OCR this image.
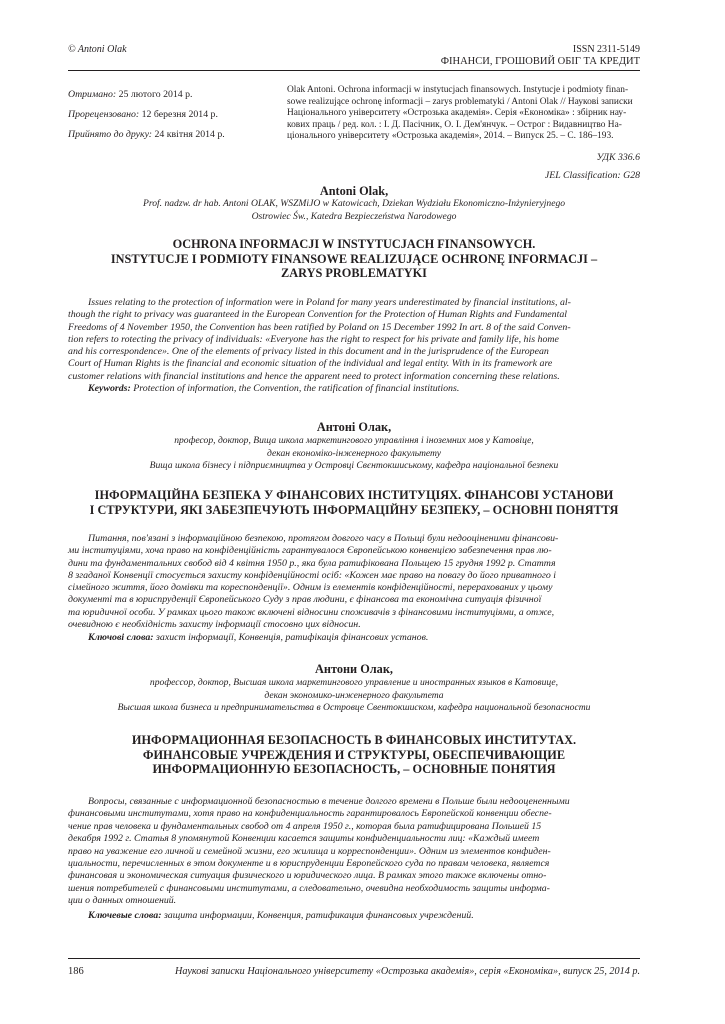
© Antoni Olak	ISSN 2311-5149
ФІНАНСИ, ГРОШОВИЙ ОБІГ ТА КРЕДИТ
Отримано: 25 лютого 2014 р.
Прорецензовано: 12 березня 2014 р.
Прийнято до друку: 24 квітня 2014 р.
Olak Antoni. Ochrona informacji w instytucjach finansowych. Instytucje i podmioty finan-
sowe realizujące ochronę informacji – zarys problematyki / Antoni Olak // Наукові записки
Національного університету «Острозька академія». Серія «Економіка» : збірник нау-
кових праць / ред. кол. : І. Д. Пасічник, О. І. Дем'янчук. – Острог : Видавництво На-
ціонального університету «Острозька академія», 2014. – Випуск 25. – С. 186–193.
УДК 336.6
JEL Classification: G28
Antoni Olak,
Prof. nadzw. dr hab. Antoni OLAK, WSZMiJO w Katowicach, Dziekan Wydziału Ekonomiczno-Inżynieryjnego
Ostrowiec Św., Katedra Bezpieczeństwa Narodowego
OCHRONA INFORMACJI W INSTYTUCJACH FINANSOWYCH.
INSTYTUCJE I PODMIOTY FINANSOWE REALIZUJĄCE OCHRONĘ INFORMACJI –
ZARYS PROBLEMATYKI
Issues relating to the protection of information were in Poland for many years underestimated by financial institutions, al-
though the right to privacy was guaranteed in the European Convention for the Protection of Human Rights and Fundamental
Freedoms of 4 November 1950, the Convention has been ratified by Poland on 15 December 1992 In art. 8 of the said Conven-
tion refers to rotecting the privacy of individuals: «Everyone has the right to respect for his private and family life, his home
and his correspondence». One of the elements of privacy listed in this document and in the jurisprudence of the European
Court of Human Rights is the financial and economic situation of the individual and legal entity. With in its framework are
customer relations with financial institutions and hence the apparent need to protect information concerning these relations.
Keywords: Protection of information, the Convention, the ratification of financial institutions.
Антоні Олак,
професор, доктор, Вища школа маркетингового управління і іноземних мов у Катовіце,
декан економіко-інженерного факультету
Вища школа бізнесу і підприємництва у Островці Свєнтокшиському, кафедра національної безпеки
ІНФОРМАЦІЙНА БЕЗПЕКА У ФІНАНСОВИХ ІНСТИТУЦІЯХ. ФІНАНСОВІ УСТАНОВИ
І СТРУКТУРИ, ЯКІ ЗАБЕЗПЕЧУЮТЬ ІНФОРМАЦІЙНУ БЕЗПЕКУ, – ОСНОВНІ ПОНЯТТЯ
Питання, пов'язані з інформаційною безпекою, протягом довгого часу в Польщі були недооціненими фінансови-
ми інституціями, хоча право на конфіденційність гарантувалося Європейською конвенцією забезпечення прав лю-
дини та фундаментальних свобод від 4 квітня 1950 р., яка була ратифікована Польщею 15 грудня 1992 р. Стаття
8 згаданої Конвенції стосується захисту конфіденційності осіб: «Кожен має право на повагу до його приватного і
сімейного життя, його домівки та кореспонденції». Одним із елементів конфіденційності, перерахованих у цьому
документі та в юриспруденції Європейського Суду з прав людини, є фінансова та економічна ситуація фізичної
та юридичної особи. У рамках цього також включені відносини споживачів з фінансовими інституціями, а отже,
очевидною є необхідність захисту інформації стосовно цих відносин.
Ключові слова: захист інформації, Конвенція, ратифікація фінансових установ.
Антони Олак,
профессор, доктор, Высшая школа маркетингового управление и иностранных языков в Катовице,
декан экономико-инженерного факультета
Высшая школа бизнеса и предпринимательства в Островце Свентокшиском, кафедра национальной безопасности
ИНФОРМАЦИОННАЯ БЕЗОПАСНОСТЬ В ФИНАНСОВЫХ ИНСТИТУТАХ.
ФИНАНСОВЫЕ УЧРЕЖДЕНИЯ И СТРУКТУРЫ, ОБЕСПЕЧИВАЮЩИЕ
ИНФОРМАЦИОННУЮ БЕЗОПАСНОСТЬ, – ОСНОВНЫЕ ПОНЯТИЯ
Вопросы, связанные с информационной безопасностью в течение долгого времени в Польше были недооцененными
финансовыми институтами, хотя право на конфиденциальность гарантировалось Европейской конвенции обеспе-
чение прав человека и фундаментальных свобод от 4 апреля 1950 г., которая была ратифицирована Польшей 15
декабря 1992 г. Статья 8 упомянутой Конвенции касается защиты конфиденциальности лиц: «Каждый имеет
право на уважение его личной и семейной жизни, его жилища и корреспонденции». Одним из элементов конфиден-
циальности, перечисленных в этом документе и в юриспруденции Европейского суда по правам человека, является
финансовая и экономическая ситуация физического и юридического лица. В рамках этого также включены отно-
шения потребителей с финансовыми институтами, а следовательно, очевидна необходимость защиты информа-
ции о данных отношений.
Ключевые слова: защита информации, Конвенция, ратификация финансовых учреждений.
186	Наукові записки Національного університету «Острозька академія», серія «Економіка», випуск 25, 2014 р.
